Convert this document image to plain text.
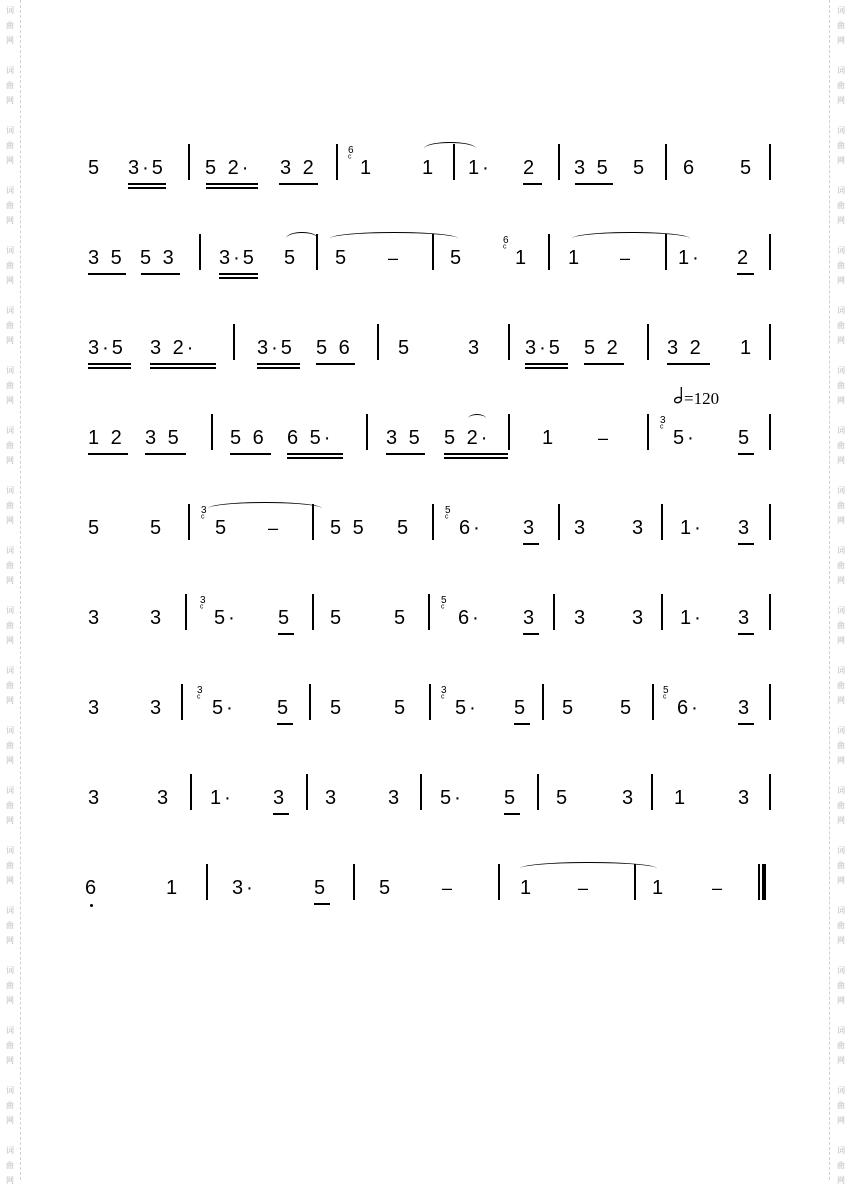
词
曲
网
词
曲
网
词
曲
网
词
曲
网
词
曲
网
词
曲
网
词
曲
网
词
曲
网
词
曲
网
词
曲
网
词
曲
网
词
曲
网
词
曲
网
词
曲
网
词
曲
网
词
曲
网
词
曲
网
词
曲
网
词
曲
网
词
曲
网
词
曲
网
词
曲
网
词
曲
网
词
曲
网
词
曲
网
词
曲
网
词
曲
网
词
曲
网
词
曲
网
词
曲
网
词
曲
网
词
曲
网
词
曲
网
词
曲
网
词
曲
网
词
曲
网
词
曲
网
词
曲
网
词
曲
网
词
曲
网
5 3·5 5 2· 3 2 1 1 1· 2 3 5 5 6 5
3 5 5 3 3·5 5 5 –	5	1 1 – 1· 2
3·5 3 2·	3·5 5 6 5	3 3·5 5 2 3 2 1
1 2 3 5 5 6 6 5·	3 5 5 2·	1 –	5· 5
5 5	5 –	5 5 5 6· 3 3 3 1· 3
3 3 5· 5 5 5 6· 3 3 3 1· 3
3 3 5· 5 5 5 5· 5 5 5 6· 3
3	3 1· 3 3 3 5· 5 5	3 1 3
6	1	3·	5	5	–	1 –	1	–
6
ᶜ
6
ᶜ
3
ᶜ
3
ᶜ
5
ᶜ
3
ᶜ
5
ᶜ
3
ᶜ
3
ᶜ
5
ᶜ
=120
